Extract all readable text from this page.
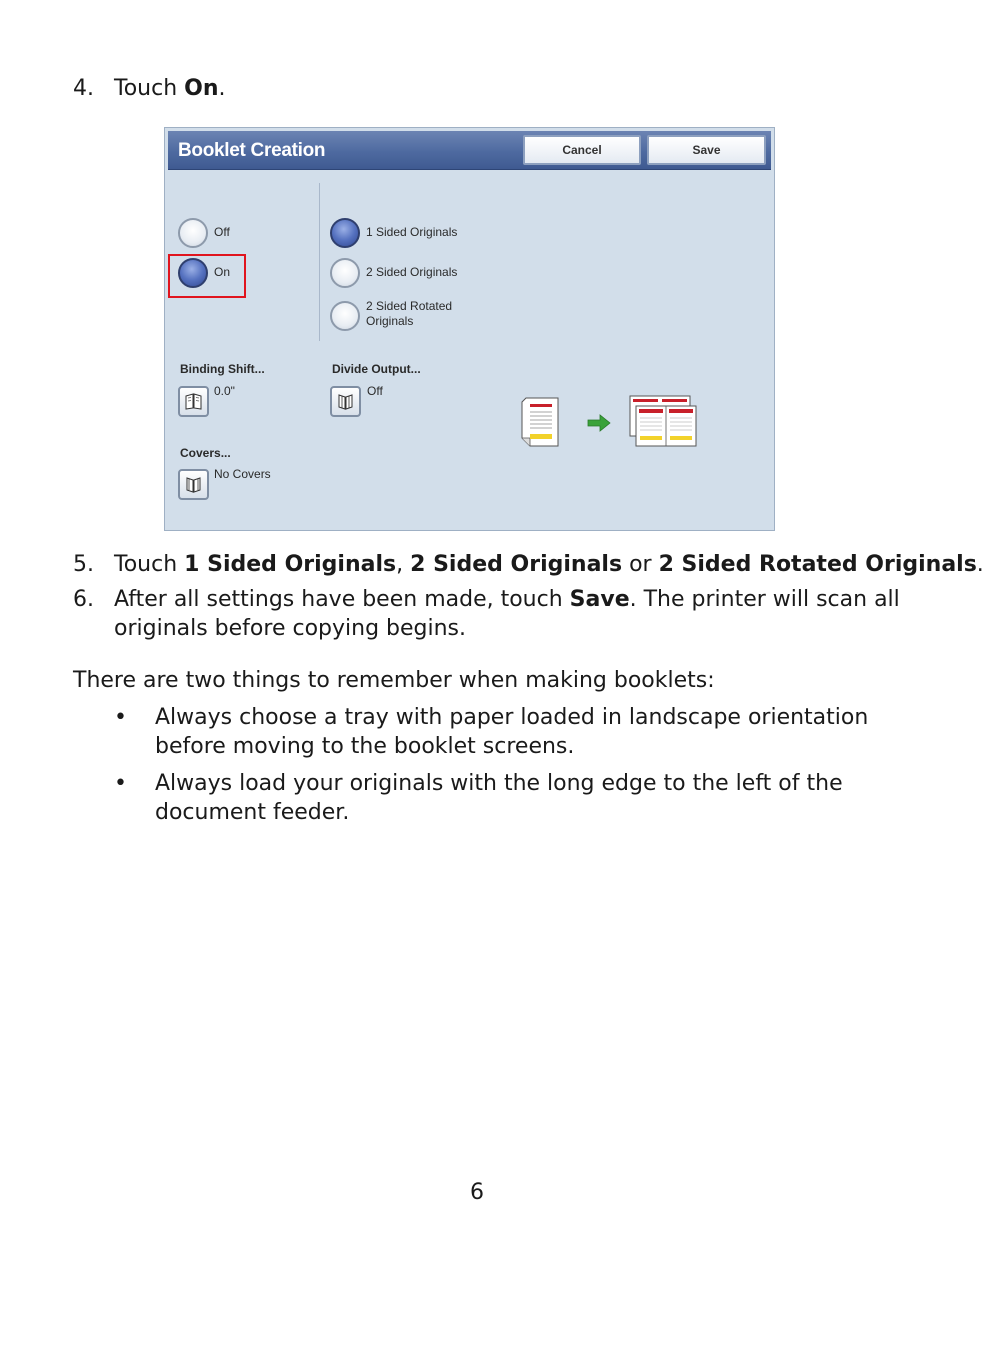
4. Touch On.
Booklet Creation	Cancel	Save
Off
On
1 Sided Originals
2 Sided Originals
2 Sided Rotated Originals
Binding Shift...
0.0"
Divide Output...
Off
Covers...
No Covers
5. Touch 1 Sided Originals, 2 Sided Originals or 2 Sided Rotated Originals.
6. After all settings have been made, touch Save. The printer will scan all
originals before copying begins.
There are two things to remember when making booklets:
• Always choose a tray with paper loaded in landscape orientation
before moving to the booklet screens.
• Always load your originals with the long edge to the left of the
document feeder.
6
